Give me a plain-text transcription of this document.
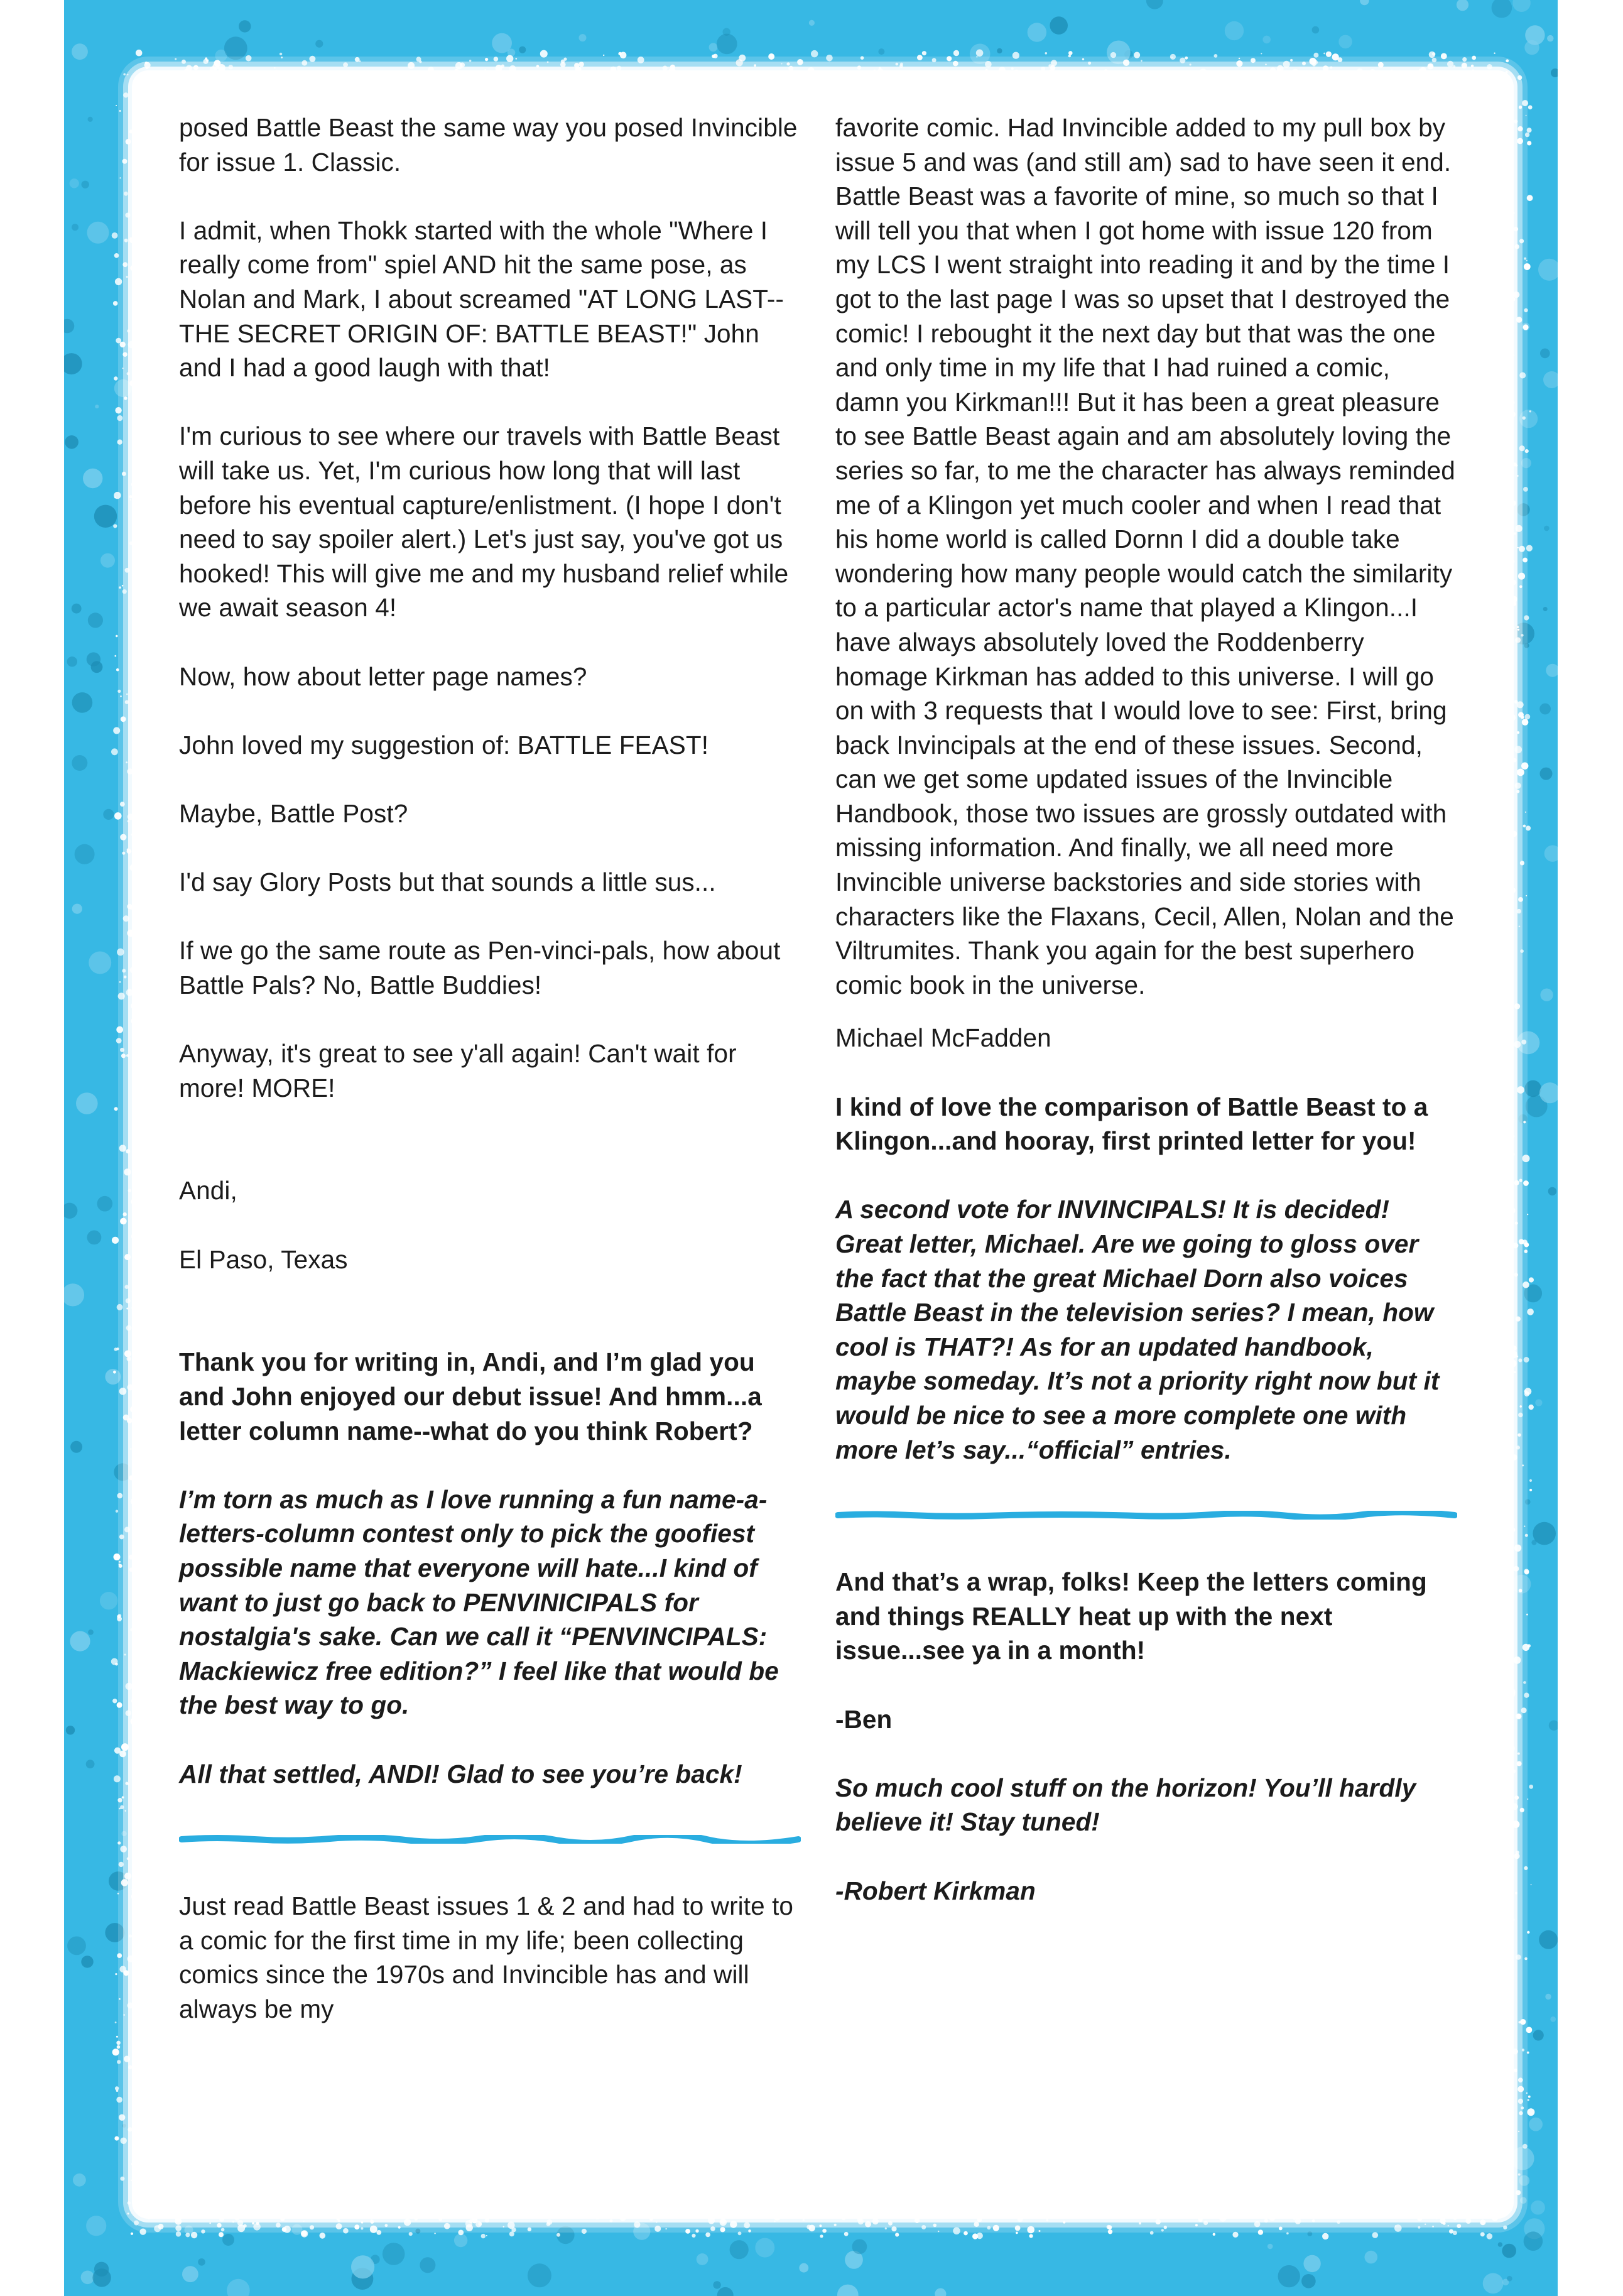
posed Battle Beast the same way you posed Invincible for issue 1. Classic.

I admit, when Thokk started with the whole "Where I really come from" spiel AND hit the same pose, as Nolan and Mark, I about screamed "AT LONG LAST--THE SECRET ORIGIN OF: BATTLE BEAST!" John and I had a good laugh with that!

I'm curious to see where our travels with Battle Beast will take us. Yet, I'm curious how long that will last before his eventual capture/enlistment. (I hope I don't need to say spoiler alert.) Let's just say, you've got us hooked! This will give me and my husband relief while we await season 4!

Now, how about letter page names?

John loved my suggestion of: BATTLE FEAST!

Maybe, Battle Post?

I'd say Glory Posts but that sounds a little sus...

If we go the same route as Pen-vinci-pals, how about Battle Pals? No, Battle Buddies!

Anyway, it's great to see y'all again! Can't wait for more! MORE!

Andi,

El Paso, Texas

Thank you for writing in, Andi, and I’m glad you and John enjoyed our debut issue! And hmm...a letter column name--what do you think Robert?

I’m torn as much as I love running a fun name-a-letters-column contest only to pick the goofiest possible name that everyone will hate...I kind of want to just go back to PENVINICIPALS for nostalgia's sake. Can we call it “PENVINCIPALS: Mackiewicz free edition?” I feel like that would be the best way to go.

All that settled, ANDI! Glad to see you’re back!

Just read Battle Beast issues 1 & 2 and had to write to a comic for the first time in my life; been collecting comics since the 1970s and Invincible has and will always be my

favorite comic. Had Invincible added to my pull box by issue 5 and was (and still am) sad to have seen it end. Battle Beast was a favorite of mine, so much so that I will tell you that when I got home with issue 120 from my LCS I went straight into reading it and by the time I got to the last page I was so upset that I destroyed the comic! I rebought it the next day but that was the one and only time in my life that I had ruined a comic, damn you Kirkman!!! But it has been a great pleasure to see Battle Beast again and am absolutely loving the series so far, to me the character has always reminded me of a Klingon yet much cooler and when I read that his home world is called Dornn I did a double take wondering how many people would catch the similarity to a particular actor's name that played a Klingon...I have always absolutely loved the Roddenberry homage Kirkman has added to this universe. I will go on with 3 requests that I would love to see: First, bring back Invincipals at the end of these issues. Second, can we get some updated issues of the Invincible Handbook, those two issues are grossly outdated with missing information. And finally, we all need more Invincible universe backstories and side stories with characters like the Flaxans, Cecil, Allen, Nolan and the Viltrumites. Thank you again for the best superhero comic book in the universe.

Michael McFadden

I kind of love the comparison of Battle Beast to a Klingon...and hooray, first printed letter for you!

A second vote for INVINCIPALS! It is decided! Great letter, Michael. Are we going to gloss over the fact that the great Michael Dorn also voices Battle Beast in the television series? I mean, how cool is THAT?! As for an updated handbook, maybe someday. It’s not a priority right now but it would be nice to see a more complete one with more let’s say...“official” entries.

And that’s a wrap, folks! Keep the letters coming and things REALLY heat up with the next issue...see ya in a month!

-Ben

So much cool stuff on the horizon! You’ll hardly believe it! Stay tuned!

-Robert Kirkman
